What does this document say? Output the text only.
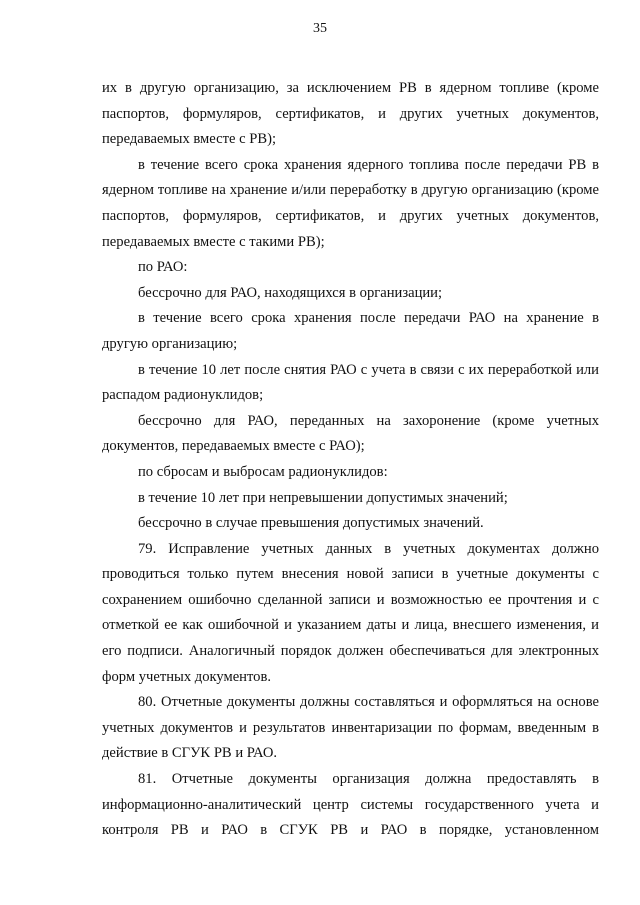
35

их в другую организацию, за исключением РВ в ядерном топливе (кроме паспортов, формуляров, сертификатов, и других учетных документов, передаваемых вместе с РВ);

в течение всего срока хранения ядерного топлива после передачи РВ в ядерном топливе на хранение и/или переработку в другую организацию (кроме паспортов, формуляров, сертификатов, и других учетных документов, передаваемых вместе с такими РВ);

по РАО:

бессрочно для РАО, находящихся в организации;

в течение всего срока хранения после передачи РАО на хранение в другую организацию;

в течение 10 лет после снятия РАО с учета в связи с их переработкой или распадом радионуклидов;

бессрочно для РАО, переданных на захоронение (кроме учетных документов, передаваемых вместе с РАО);

по сбросам и выбросам радионуклидов:

в течение 10 лет при непревышении допустимых значений;

бессрочно в случае превышения допустимых значений.

79. Исправление учетных данных в учетных документах должно проводиться только путем внесения новой записи в учетные документы с сохранением ошибочно сделанной записи и возможностью ее прочтения и с отметкой ее как ошибочной и указанием даты и лица, внесшего изменения, и его подписи. Аналогичный порядок должен обеспечиваться для электронных форм учетных документов.

80. Отчетные документы должны составляться и оформляться на основе учетных документов и результатов инвентаризации по формам, введенным в действие в СГУК РВ и РАО.

81. Отчетные документы организация должна предоставлять в информационно-аналитический центр системы государственного учета и контроля РВ и РАО в СГУК РВ и РАО в порядке, установленном
